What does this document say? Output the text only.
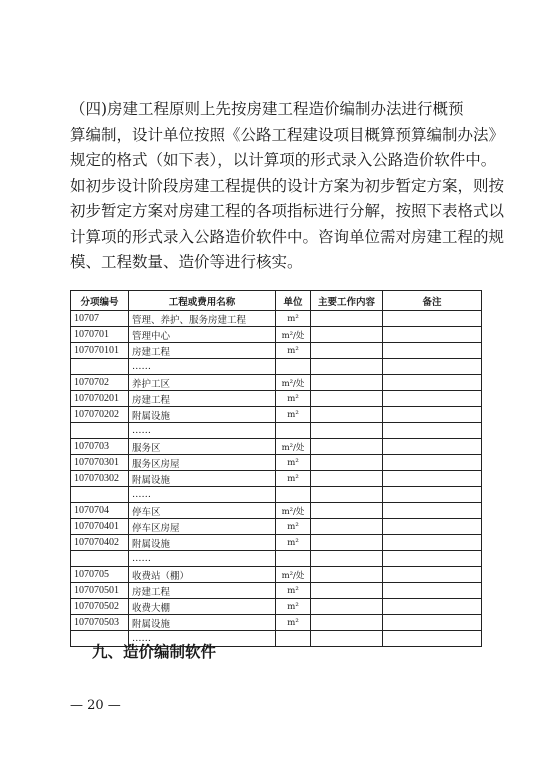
（四)房建工程原则上先按房建工程造价编制办法进行概预
算编制，设计单位按照《公路工程建设项目概算预算编制办法》
规定的格式（如下表），以计算项的形式录入公路造价软件中。
如初步设计阶段房建工程提供的设计方案为初步暂定方案，则按
初步暂定方案对房建工程的各项指标进行分解，按照下表格式以
计算项的形式录入公路造价软件中。咨询单位需对房建工程的规
模、工程数量、造价等进行核实。

分项编号	工程或费用名称	单位	主要工作内容	备注
10707	管理、养护、服务房建工程	m²		
1070701	管理中心	m²/处		
107070101	房建工程	m²		
	……			
1070702	养护工区	m²/处		
107070201	房建工程	m²		
107070202	附属设施	m²		
	……			
1070703	服务区	m²/处		
107070301	服务区房屋	m²		
107070302	附属设施	m²		
	……			
1070704	停车区	m²/处		
107070401	停车区房屋	m²		
107070402	附属设施	m²		
	……			
1070705	收费站（棚）	m²/处		
107070501	房建工程	m²		
107070502	收费大棚	m²		
107070503	附属设施	m²		
	……			

九、造价编制软件

— 20 —
